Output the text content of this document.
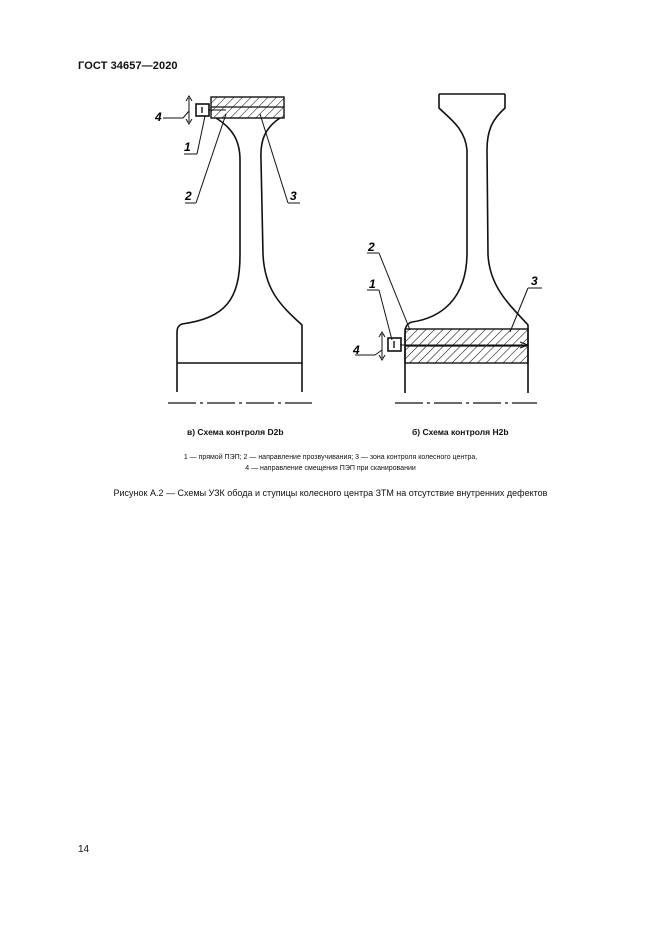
ГОСТ 34657—2020
4
1
2	3
4
1
2
3
в) Схема контроля D2b	б) Схема контроля H2b
1 — прямой ПЭП; 2 — направление прозвучивания; 3 — зона контроля колесного центра,
4 — направление смещения ПЭП при сканировании
Рисунок А.2 — Схемы УЗК обода и ступицы колесного центра ЗТМ на отсутствие внутренних дефектов
14
